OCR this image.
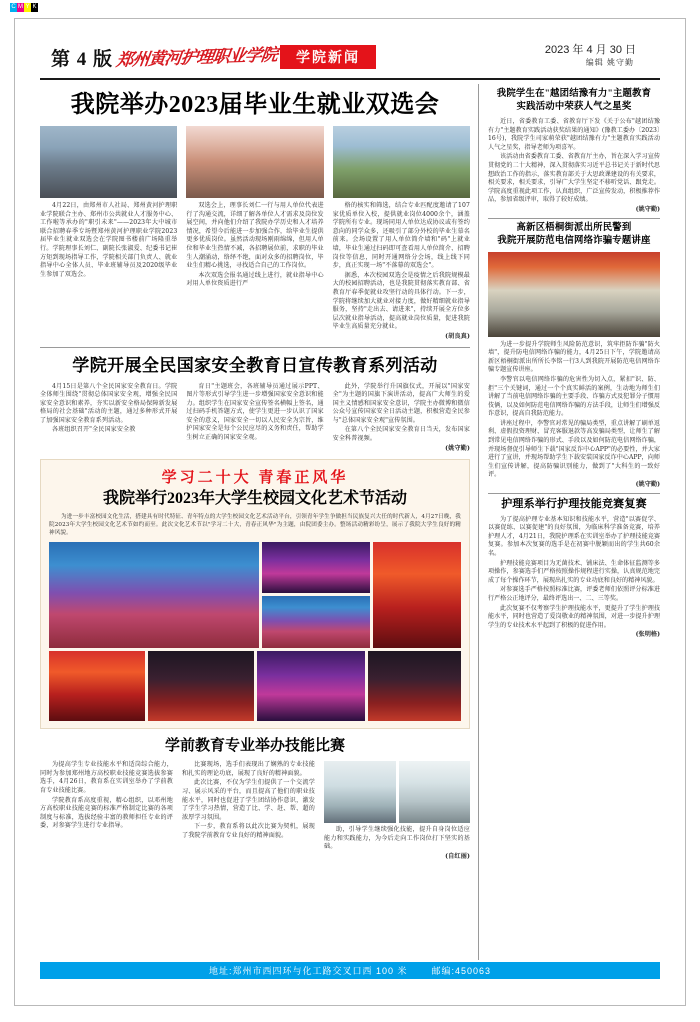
C M Y K
第 4 版 郑州黄河护理职业学院	学院新闻
2023 年 4 月 30 日
编辑 姚守勤
我院举办2023届毕业生就业双选会

4月22日，由郑州市人社局、郑州黄河护理职业学院联合主办、郑州市公共就业人才服务中心、工作啦等承办的"职引未来"——2023年大中城市联合招聘春季专场暨郑州黄河护理职业学院2023届毕业生就业双选会在学院图书楼前广场隆重举行。学院理事长刘仁、副院长张淑爱、纪委书记崔方矩到现场指导工作，学院相关部门负责人、就业指导中心全体人员、毕业班辅导员及2020级毕业生参加了双选会。

双选会上，理事长刘仁一行与用人单位代表进行了沟通交流，详细了解各单位人才需求及岗位发展空间，并向他们介绍了我院办学历史和人才培养情况，希望今后能进一步加强合作，给毕业生提供更多优质岗位。虽然活动现场刚雨绵绵，但用人单位和毕业生热情不减，各招聘展位前，求职的毕业生人潮涌动，络绎不绝，面对众多的招聘岗位，毕业生们精心挑选，寻找适合自己的工作岗位。

本次双选会报名通过线上进行，就业指导中心对用人单位资质进行严

格的核实和筛选，结合专业匹配度邀请了107家优质单位入校，提供就业岗位4000余个，涵盖学院所有专业。现场同用人单位达成协议或有签约意向的同学众多，还吸引了部分外校的毕业生慕名前来。会场设置了用人单位简介墙和"码"上就业墙，毕业生通过扫码即可查看用人单位简介、招聘岗位等信息，同时开通网络分会场，线上线下同步，真正实现一场"不落幕的双选会"。

据悉，本次校园双选会是疫情之后我院规模最大的校园招聘活动，也是我院贯彻落实教育部、省教育厅春季促就业攻坚行动的具体行动。下一步，学院将继续加大就业对接力度，做好精细就业指导服务，坚持"走出去、请进来"，持续开展全方位多层次就业指导活动，提高就业岗位质量，促进我院毕业生高质量充分就业。

(胡良真)

学院开展全民国家安全教育日宣传教育系列活动

4月15日是第八个全民国家安全教育日。学院全体师生围绕"贯彻总体国家安全观，增强全民国家安全意识和素养，夯实以新安全格局保障新发展格局的社会基础"活动的主题，通过多种形式开展了加强国家安全教育系列活动。

各班组织召开"全民国家安全教

育日"主题班会，各班辅导员通过展示PPT、图片等形式引导学生进一步增强国家安全意识和能力。组织学生在国家安全宣传签名横幅上签名，通过扫码手机答题方式，使学生更进一步认识了国家安全的意义，国家安全一切以人民安全为宗旨，维护国家安全是每个公民应尽的义务和责任，帮助学生树立正确的国家安全观。

此外，学院举行升国旗仪式，开展以"国家安全"为主题的国旗下演讲活动，提高广大师生的爱国主义情感和国家安全意识，学院主办微博和微信公众号宣传国家安全日活动主题，积极营造全民参与"总体国家安全观"宣传氛围。

在第八个全民国家安全教育日当天，发布国家安全科普视频。

(姚守勤)

学习二十大 青春正风华
我院举行2023年大学生校园文化艺术节活动
为进一步丰富校园文化生活，搭建具有时代特征、青年特点的大学生校园文化艺术活动平台，引领青年学生争做担当民族复兴大任的时代新人，4月27日晚，我院2023年大学生校园文化艺术节如约而至。此次文化艺术节以"学习二十大，青春正风华"为主题，由院团委主办。整场活动精彩纷呈，展示了我院大学生良好的精神风貌。
学前教育专业举办技能比赛

为提高学生专业技能水平和适岗综合能力，同时为参加郑州地方高校职业技能竞赛选拔参赛选手，4月26日，教育系在实训室举办了学前教育专业技能比赛。

学院教育系高度重视，精心组织，以邓州地方高校职业技能竞赛的标准严格制定比赛的各项制度与标准，选拔经验丰富的教师担任专业的评委，对参赛学生进行专业指导。

比赛现场，选手们表现出了娴熟的专业技能和扎实的理论功底，展现了良好的精神面貌。

此次比赛，不仅为学生们提供了一个交流学习、展示风采的平台，而且提高了他们的职业技能水平，同时也促进了学生团结协作意识，激发了学生学习热情，营造了比、学、赶、帮、超的浓厚学习氛围。

下一步，教育系将以此次比赛为契机，展现了我院学前教育专业良好的精神面貌。

助，引导学生继续强化技能，提升自身岗位适应能力和实践能力，为今后走向工作岗位打下坚实的基础。

(自红丽)

我院学生在"越团结豫有力"主题教育
实践活动中荣获人气之星奖

近日，省委教育工委、省教育厅下发《关于公布"越团结豫有力"主题教育实践活动获奖结果的通知》(豫教工委办〔2023〕16号)，我院学生司家萌荣获"越团结豫有力"主题教育实践活动人气之星奖，指导老师为项喜军。

该活动由省委教育工委、省教育厅主办，旨在深入学习宣传贯彻党的二十大精神，深入贯彻落实习近平总书记关于新时代思想政治工作的指示，落实教育部关于大思政课建设的有关要求，相关要求，相关要求，引导广大学生坚定不移听党话、跟党走。学院高度重视此项工作，认真组织，广泛宣传发动，积极推荐作品，参加省级评审，取得了较好成绩。

(姚守勤)

高新区梧桐街派出所民警到
我院开展防范电信网络诈骗专题讲座

为进一步提升学院师生风险防范意识，筑牢拒防诈骗"防火墙"，提升防电信网络诈骗的能力，4月25日下午，学院邀请高新区梧桐街派出所所长李铭一行3人到我院开展防范电信网络诈骗专题宣传讲座。

李警官以电信网络诈骗的危害性为切入点，紧扣"识、防、拒"三个关键词，通过一个个真实鲜活的案例，生动地为师生们讲解了当前电信网络诈骗的主要手段、诈骗方式及犯罪分子惯用伎俩，以及如何防范电信网络诈骗的方法手段，让师生们增强反诈意识，提高自我防范能力。

讲座过程中，李警官对常见的骗局类型，重点讲解了刷单返利、虚假投资理财、冒充客服退款等高发骗局类型，让师生了解到常见电信网络诈骗的形式、手段以及如何防范电信网络诈骗，并现场督促引导师生下载"国家反诈中心APP"的必要性，并大家进行了宣讲，并现场帮助学生下载安装国家反诈中心APP，向师生们宣传讲解，提高防骗识别能力，做到了"大科生的一致好评。

(姚守勤)

护理系举行护理技能竞赛复赛

为了提高护理专业基本知识和技能水平，营造"以赛促学、以赛促练、以赛促建"的良好氛围，为临床科学准备竞赛，培养护理人才，4月21日，我院护理系在实训室举办了护理技能竞赛复赛。参加本次复赛的选手是在初赛中脱颖而出的学生共60余名。

护理技能竞赛项目为无菌技术、铺床法、生命体征监测等多项操作，参赛选手们严格按照操作规程进行实操，认真规范地完成了每个操作环节，展现出扎实的专业功底和良好的精神风貌。

对参赛选手严格按照标准比赛，评委老师们依照评分标准进行严格公正地评分，最终评选出一、二、三等奖。

此次复赛不仅考察学生护理技能水平，更提升了学生护理技能水平，同时也营造了爱岗敬业的精神氛围，对进一步提升护理学生的专业技术水平起到了积极的促进作用。

(张明格)

地址:郑州市西四环与化工路交叉口西 100 米	邮编:450063
